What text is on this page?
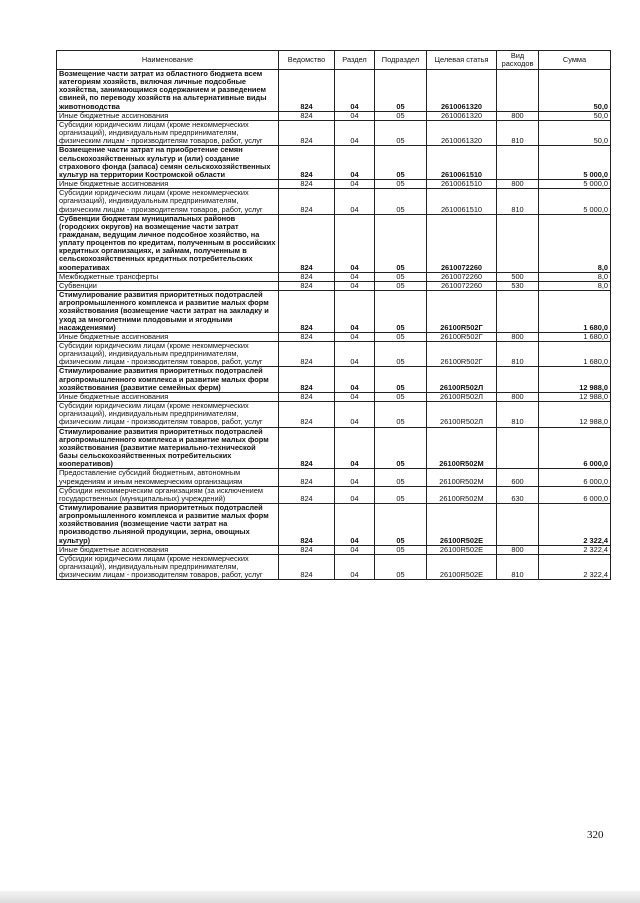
Наименование	Ведомство	Раздел	Подраздел	Целевая статья	Вид расходов	Сумма
Возмещение части затрат из областного бюджета всем категориям хозяйств, включая личные подсобные хозяйства, занимающимся содержанием и разведением свиней, по переводу хозяйств на альтернативные виды животноводства	824	04	05	2610061320		50,0
Иные бюджетные ассигнования	824	04	05	2610061320	800	50,0
Субсидии юридическим лицам (кроме некоммерческих организаций), индивидуальным предпринимателям, физическим лицам - производителям товаров, работ, услуг	824	04	05	2610061320	810	50,0
Возмещение части затрат на приобретение семян сельскохозяйственных культур и (или) создание страхового фонда (запаса) семян сельскохозяйственных культур на территории Костромской области	824	04	05	2610061510		5 000,0
Иные бюджетные ассигнования	824	04	05	2610061510	800	5 000,0
Субсидии юридическим лицам (кроме некоммерческих организаций), индивидуальным предпринимателям, физическим лицам - производителям товаров, работ, услуг	824	04	05	2610061510	810	5 000,0
Субвенции бюджетам муниципальных районов (городских округов) на возмещение части затрат гражданам, ведущим личное подсобное хозяйство, на уплату процентов по кредитам, полученным в российских кредитных организациях, и займам, полученным в сельскохозяйственных кредитных потребительских кооперативах	824	04	05	2610072260		8,0
Межбюджетные трансферты	824	04	05	2610072260	500	8,0
Субвенции	824	04	05	2610072260	530	8,0
Стимулирование развития приоритетных подотраслей агропромышленного комплекса и развитие малых форм хозяйствования (возмещение части затрат на закладку и уход за многолетними плодовыми и ягодными насаждениями)	824	04	05	26100R502Г		1 680,0
Иные бюджетные ассигнования	824	04	05	26100R502Г	800	1 680,0
Субсидии юридическим лицам (кроме некоммерческих организаций), индивидуальным предпринимателям, физическим лицам - производителям товаров, работ, услуг	824	04	05	26100R502Г	810	1 680,0
Стимулирование развития приоритетных подотраслей агропромышленного комплекса и развитие малых форм хозяйствования (развитие семейных ферм)	824	04	05	26100R502Л		12 988,0
Иные бюджетные ассигнования	824	04	05	26100R502Л	800	12 988,0
Субсидии юридическим лицам (кроме некоммерческих организаций), индивидуальным предпринимателям, физическим лицам - производителям товаров, работ, услуг	824	04	05	26100R502Л	810	12 988,0
Стимулирование развития приоритетных подотраслей агропромышленного комплекса и развитие малых форм хозяйствования (развитие материально-технической базы сельскохозяйственных потребительских кооперативов)	824	04	05	26100R502М		6 000,0
Предоставление субсидий бюджетным, автономным учреждениям и иным некоммерческим организациям	824	04	05	26100R502М	600	6 000,0
Субсидии некоммерческим организациям (за исключением государственных (муниципальных) учреждений)	824	04	05	26100R502М	630	6 000,0
Стимулирование развития приоритетных подотраслей агропромышленного комплекса и развитие малых форм хозяйствования (возмещение части затрат на производство льняной продукции, зерна, овощных культур)	824	04	05	26100R502Е		2 322,4
Иные бюджетные ассигнования	824	04	05	26100R502Е	800	2 322,4
Субсидии юридическим лицам (кроме некоммерческих организаций), индивидуальным предпринимателям, физическим лицам - производителям товаров, работ, услуг	824	04	05	26100R502Е	810	2 322,4
320
